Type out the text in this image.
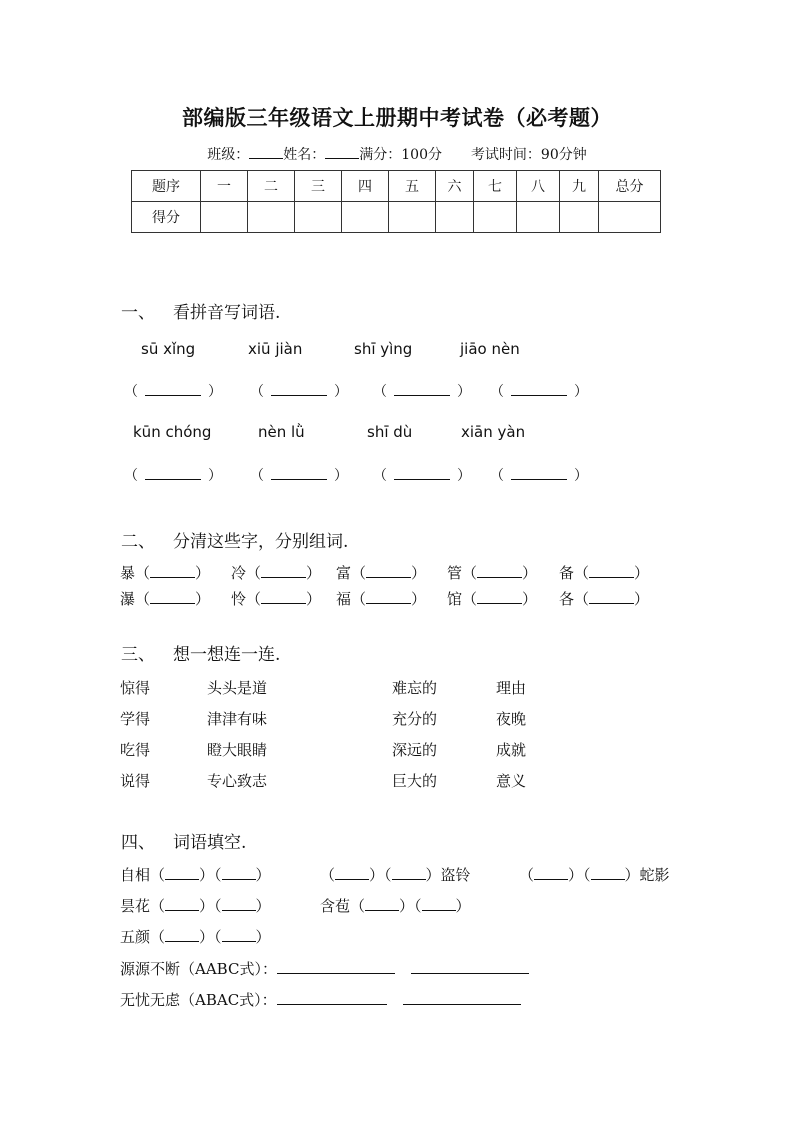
部编版三年级语文上册期中考试卷（必考题）
班级： 姓名： 满分：100分 考试时间：90分钟
题序	一	二	三	四	五	六	七	八	九	总分
得分										
一、 看拼音写词语.
sū xǐng	xiū jiàn	shī yìng	jiāo nèn
（	） （	） （	） （	）
kūn chóng	nèn lǜ	shī dù	xiān yàn
（	） （	） （	） （	）
二、 分清这些字，分别组词.
暴（	） 冷（	） 富（	） 管（	） 备（	）
瀑（	） 怜（	） 福（	） 馆（	） 各（	）
三、 想一想连一连.
惊得	头头是道	难忘的	理由
学得	津津有味	充分的	夜晚
吃得	瞪大眼睛	深远的	成就
说得	专心致志	巨大的	意义
四、 词语填空.
自相（ ）（ ）	（ ）（ ）盗铃	（ ）（ ）蛇影
昙花（ ）（ ）	含苞（ ）（ ）
五颜（ ）（ ）
源源不断（AABC式）：
无忧无虑（ABAC式）：
